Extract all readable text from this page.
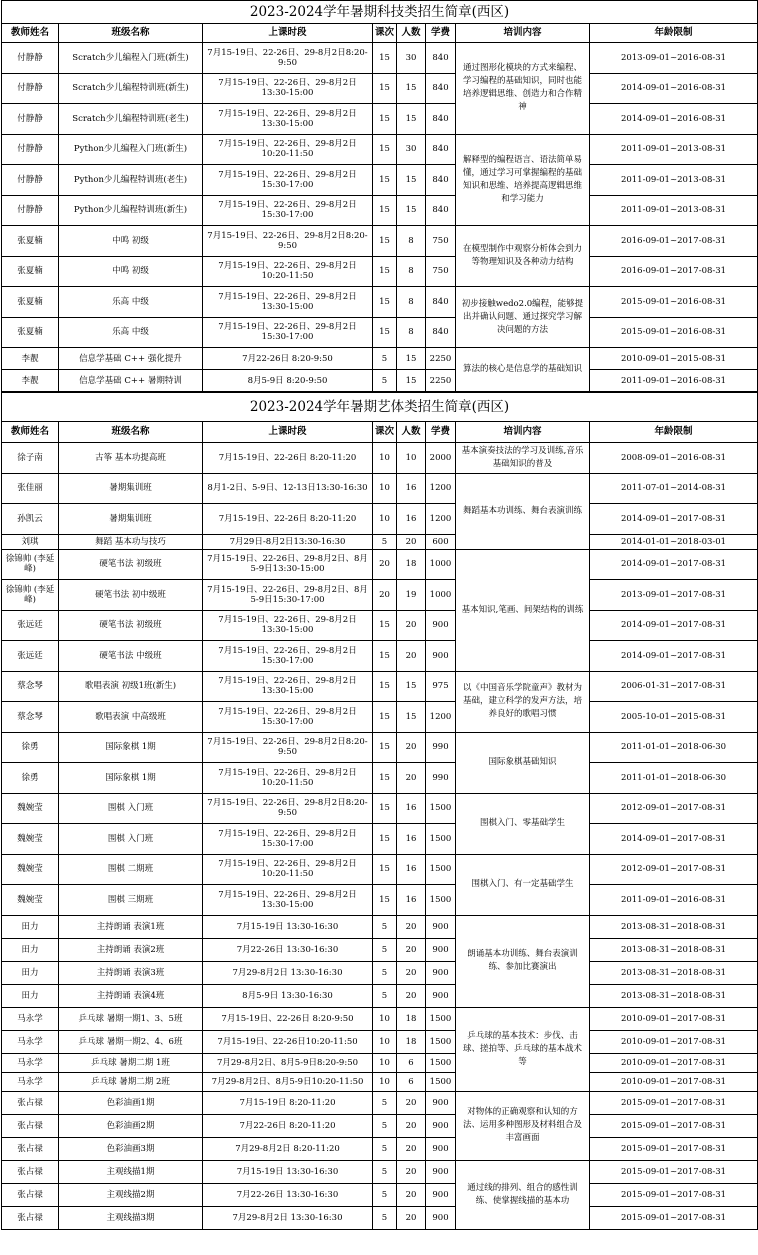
2023-2024学年暑期科技类招生简章(西区)							
教师姓名	班级名称	上课时段	课次	人数	学费	培训内容	年龄限制
付静静	Scratch少儿编程入门班(新生)	7月15-19日、22-26日、29-8月2日8:20-9:50	15	30	840	通过图形化模块的方式来编程、学习编程的基础知识，同时也能培养逻辑思维、创造力和合作精神	2013-09-01~2016-08-31
付静静	Scratch少儿编程特训班(新生)	7月15-19日、22-26日、29-8月2日 13:30-15:00	15	15	840		2014-09-01~2016-08-31
付静静	Scratch少儿编程特训班(老生)	7月15-19日、22-26日、29-8月2日 13:30-15:00	15	15	840		2014-09-01~2016-08-31
付静静	Python少儿编程入门班(新生)	7月15-19日、22-26日、29-8月2日 10:20-11:50	15	30	840	解释型的编程语言、语法简单易懂，通过学习可掌握编程的基础知识和思维、培养提高逻辑思维和学习能力	2011-09-01~2013-08-31
付静静	Python少儿编程特训班(老生)	7月15-19日、22-26日、29-8月2日 15:30-17:00	15	15	840		2011-09-01~2013-08-31
付静静	Python少儿编程特训班(新生)	7月15-19日、22-26日、29-8月2日 15:30-17:00	15	15	840		2011-09-01~2013-08-31
张夏楠	中鸣 初级	7月15-19日、22-26日、29-8月2日8:20-9:50	15	8	750	在模型制作中观察分析体会到力等物理知识及各种动力结构	2016-09-01~2017-08-31
张夏楠	中鸣 初级	7月15-19日、22-26日、29-8月2日 10:20-11:50	15	8	750		2016-09-01~2017-08-31
张夏楠	乐高 中级	7月15-19日、22-26日、29-8月2日 13:30-15:00	15	8	840	初步接触wedo2.0编程，能够提出并确认问题、通过探究学习解决问题的方法	2015-09-01~2016-08-31
张夏楠	乐高 中级	7月15-19日、22-26日、29-8月2日 15:30-17:00	15	8	840		2015-09-01~2016-08-31
李靓	信息学基础 C++ 强化提升	7月22-26日 8:20-9:50	5	15	2250	算法的核心是信息学的基础知识	2010-09-01~2015-08-31
李靓	信息学基础 C++ 暑期特训	8月5-9日 8:20-9:50	5	15	2250		2011-09-01~2016-08-31
2023-2024学年暑期艺体类招生简章(西区)							
教师姓名	班级名称	上课时段	课次	人数	学费	培训内容	年龄限制
徐子南	古筝 基本功提高班	7月15-19日、22-26日 8:20-11:20	10	10	2000	基本演奏技法的学习及训练,音乐基础知识的普及	2008-09-01~2016-08-31
张佳丽	暑期集训班	8月1-2日、5-9日、12-13日13:30-16:30	10	16	1200	舞蹈基本功训练、舞台表演训练	2011-07-01~2014-08-31
孙凯云	暑期集训班	7月15-19日、22-26日 8:20-11:20	10	16	1200		2014-09-01~2017-08-31
刘琪	舞蹈 基本功与技巧	7月29日-8月2日13:30-16:30	5	20	600		2014-01-01~2018-03-01
徐锦帅 (李延峰)	硬笔书法 初级班	7月15-19日、22-26日、29-8月2日、8月5-9日13:30-15:00	20	18	1000	基本知识,笔画、间架结构的训练	2014-09-01~2017-08-31
徐锦帅 (李延峰)	硬笔书法 初中级班	7月15-19日、22-26日、29-8月2日、8月5-9日15:30-17:00	20	19	1000		2013-09-01~2017-08-31
张远廷	硬笔书法 初级班	7月15-19日、22-26日、29-8月2日 13:30-15:00	15	20	900		2014-09-01~2017-08-31
张远廷	硬笔书法 中级班	7月15-19日、22-26日、29-8月2日 15:30-17:00	15	20	900		2014-09-01~2017-08-31
蔡念琴	歌唱表演 初级1班(新生)	7月15-19日、22-26日、29-8月2日 13:30-15:00	15	15	975	以《中国音乐学院童声》教材为基础，建立科学的发声方法，培养良好的歌唱习惯	2006-01-31~2017-08-31
蔡念琴	歌唱表演 中高级班	7月15-19日、22-26日、29-8月2日 15:30-17:00	15	15	1200		2005-10-01~2015-08-31
徐勇	国际象棋 1期	7月15-19日、22-26日、29-8月2日8:20-9:50	15	20	990	国际象棋基础知识	2011-01-01~2018-06-30
徐勇	国际象棋 1期	7月15-19日、22-26日、29-8月2日 10:20-11:50	15	20	990		2011-01-01~2018-06-30
魏婉莹	围棋 入门班	7月15-19日、22-26日、29-8月2日8:20-9:50	15	16	1500	围棋入门、零基础学生	2012-09-01~2017-08-31
魏婉莹	围棋 入门班	7月15-19日、22-26日、29-8月2日 15:30-17:00	15	16	1500		2014-09-01~2017-08-31
魏婉莹	围棋 二期班	7月15-19日、22-26日、29-8月2日 10:20-11:50	15	16	1500	围棋入门、有一定基础学生	2012-09-01~2017-08-31
魏婉莹	围棋 三期班	7月15-19日、22-26日、29-8月2日 13:30-15:00	15	16	1500		2011-09-01~2016-08-31
田力	主持朗诵 表演1班	7月15-19日 13:30-16:30	5	20	900	朗诵基本功训练、舞台表演训练、参加比赛演出	2013-08-31~2018-08-31
田力	主持朗诵 表演2班	7月22-26日 13:30-16:30	5	20	900		2013-08-31~2018-08-31
田力	主持朗诵 表演3班	7月29-8月2日 13:30-16:30	5	20	900		2013-08-31~2018-08-31
田力	主持朗诵 表演4班	8月5-9日 13:30-16:30	5	20	900		2013-08-31~2018-08-31
马永学	乒乓球 暑期一期1、3、5班	7月15-19日、22-26日 8:20-9:50	10	18	1500	乒乓球的基本技术：步伐、击球、搓拍等、乒乓球的基本战术等	2010-09-01~2017-08-31
马永学	乒乓球 暑期一期2、4、6班	7月15-19日、22-26日10:20-11:50	10	18	1500		2010-09-01~2017-08-31
马永学	乒乓球 暑期二期 1班	7月29-8月2日、8月5-9日8:20-9:50	10	6	1500		2010-09-01~2017-08-31
马永学	乒乓球 暑期二期 2班	7月29-8月2日、8月5-9日10:20-11:50	10	6	1500		2010-09-01~2017-08-31
张占禄	色彩油画1期	7月15-19日 8:20-11:20	5	20	900	对物体的正确观察和认知的方法、运用多种图形及材料组合及丰富画面	2015-09-01~2017-08-31
张占禄	色彩油画2期	7月22-26日 8:20-11:20	5	20	900		2015-09-01~2017-08-31
张占禄	色彩油画3期	7月29-8月2日 8:20-11:20	5	20	900		2015-09-01~2017-08-31
张占禄	主观线描1期	7月15-19日 13:30-16:30	5	20	900	通过线的排列、组合的感性训练、使掌握线描的基本功	2015-09-01~2017-08-31
张占禄	主观线描2期	7月22-26日 13:30-16:30	5	20	900		2015-09-01~2017-08-31
张占禄	主观线描3期	7月29-8月2日 13:30-16:30	5	20	900		2015-09-01~2017-08-31
